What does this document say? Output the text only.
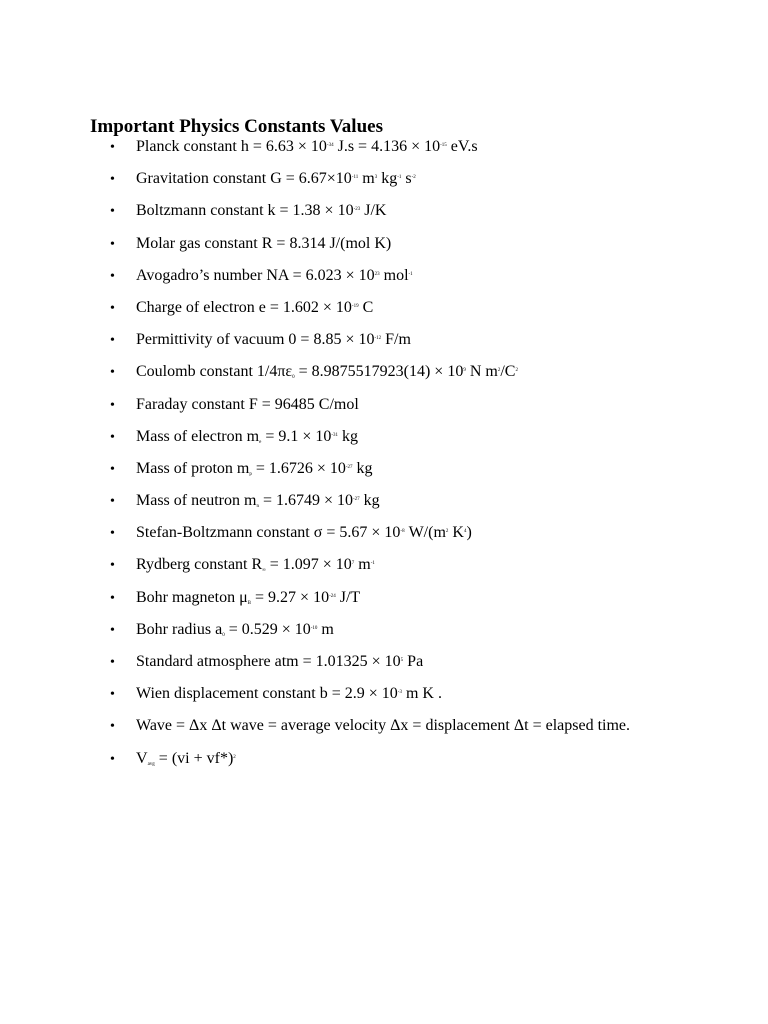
Important Physics Constants Values
• Planck constant $h = 6.63 \times 10^{-34}$ $J.s = 4.136 \times 10^{-15}$ eV.s
• Gravitation constant $G = 6.67\times 10^{-11}$ $m^3$ $kg^{-1}$ $s^{-2}$
• Boltzmann constant $k = 1.38 \times 10^{-23}$ J/K
• Molar gas constant R = 8.314 J/(mol K)
• Avogadro’s number NA = $6.023 \times 10^{23}$ mol$^{-1}$
• Charge of electron $e = 1.602 \times 10^{-19}$ C
• Permittivity of vacuum $0 = 8.85 \times 10^{-12}$ F/m
• Coulomb constant $1/4\pi\varepsilon_0 = 8.9875517923(14) \times 10^9$ N $m^2/C^2$
• Faraday constant F = 96485 C/mol
• Mass of electron $m_e = 9.1 \times 10^{-31}$ kg
• Mass of proton $m_p = 1.6726 \times 10^{-27}$ kg
• Mass of neutron $m_n = 1.6749 \times 10^{-27}$ kg
• Stefan-Boltzmann constant $\sigma = 5.67 \times 10^{-8}$ $W/(m^2$ $K^4$)
• Rydberg constant $R_\infty = 1.097 \times 10^7$ $m^{-1}$
• Bohr magneton $\mu_B = 9.27 \times 10^{-24}$ J/T
• Bohr radius $a_0 = 0.529 \times 10^{-10}$ m
• Standard atmosphere atm = $1.01325 \times 10^5$ Pa
• Wien displacement constant $b = 2.9 \times 10^{-3}$ m K .
• Wave = Δx Δt wave = average velocity Δx = displacement Δt = elapsed time.
• $V_{avg} = (vi + vf*)^2$
